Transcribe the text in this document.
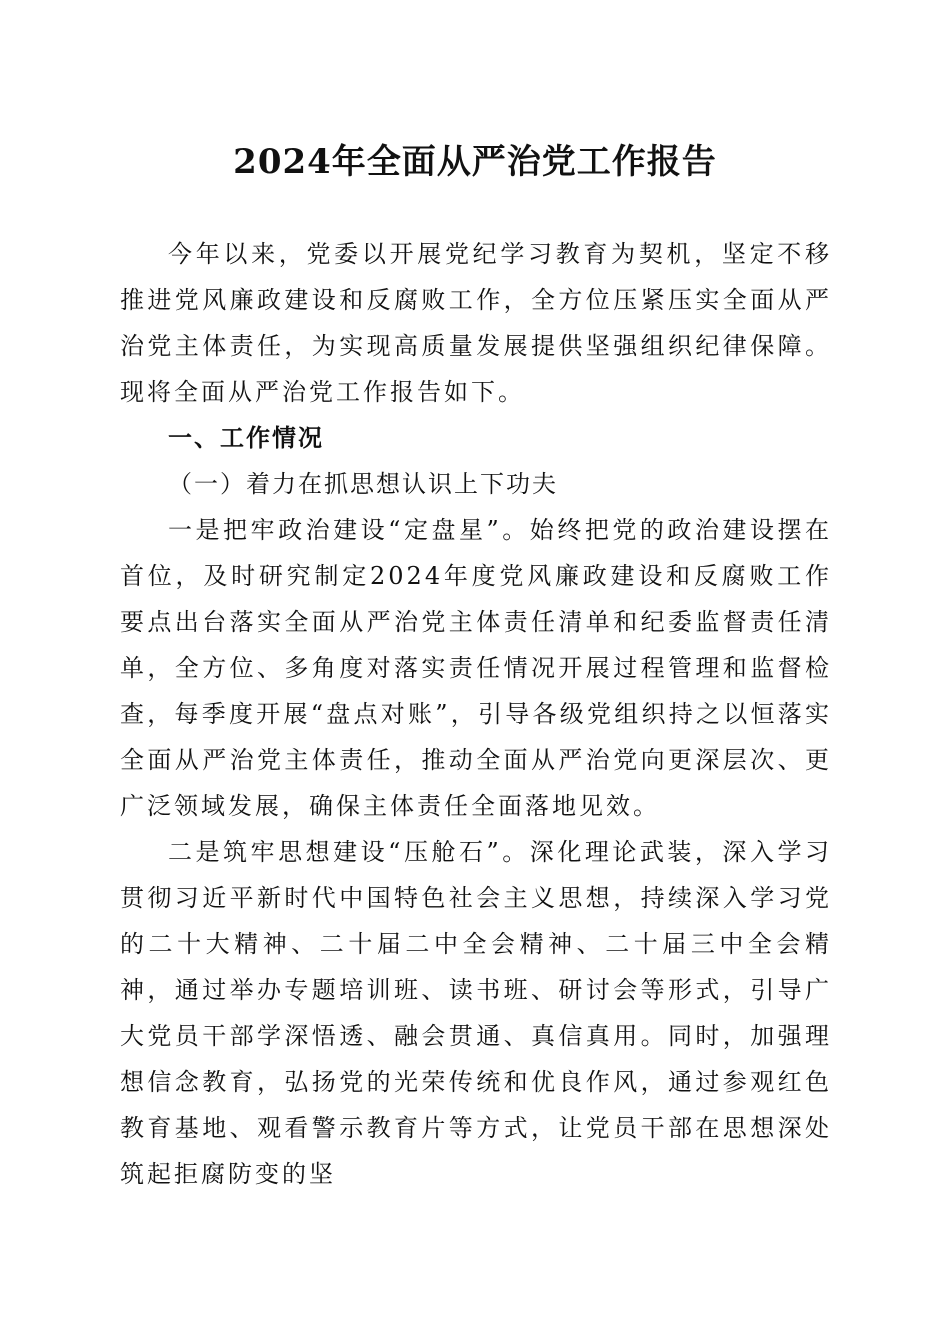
2024年全面从严治党工作报告

今年以来，党委以开展党纪学习教育为契机，坚定不移推进党风廉政建设和反腐败工作，全方位压紧压实全面从严治党主体责任，为实现高质量发展提供坚强组织纪律保障。现将全面从严治党工作报告如下。

一、工作情况

（一）着力在抓思想认识上下功夫

一是把牢政治建设“定盘星”。始终把党的政治建设摆在首位，及时研究制定2024年度党风廉政建设和反腐败工作要点出台落实全面从严治党主体责任清单和纪委监督责任清单，全方位、多角度对落实责任情况开展过程管理和监督检查，每季度开展“盘点对账”，引导各级党组织持之以恒落实全面从严治党主体责任，推动全面从严治党向更深层次、更广泛领域发展，确保主体责任全面落地见效。

二是筑牢思想建设“压舱石”。深化理论武装，深入学习贯彻习近平新时代中国特色社会主义思想，持续深入学习党的二十大精神、二十届二中全会精神、二十届三中全会精神，通过举办专题培训班、读书班、研讨会等形式，引导广大党员干部学深悟透、融会贯通、真信真用。同时，加强理想信念教育，弘扬党的光荣传统和优良作风，通过参观红色教育基地、观看警示教育片等方式，让党员干部在思想深处筑起拒腐防变的坚
